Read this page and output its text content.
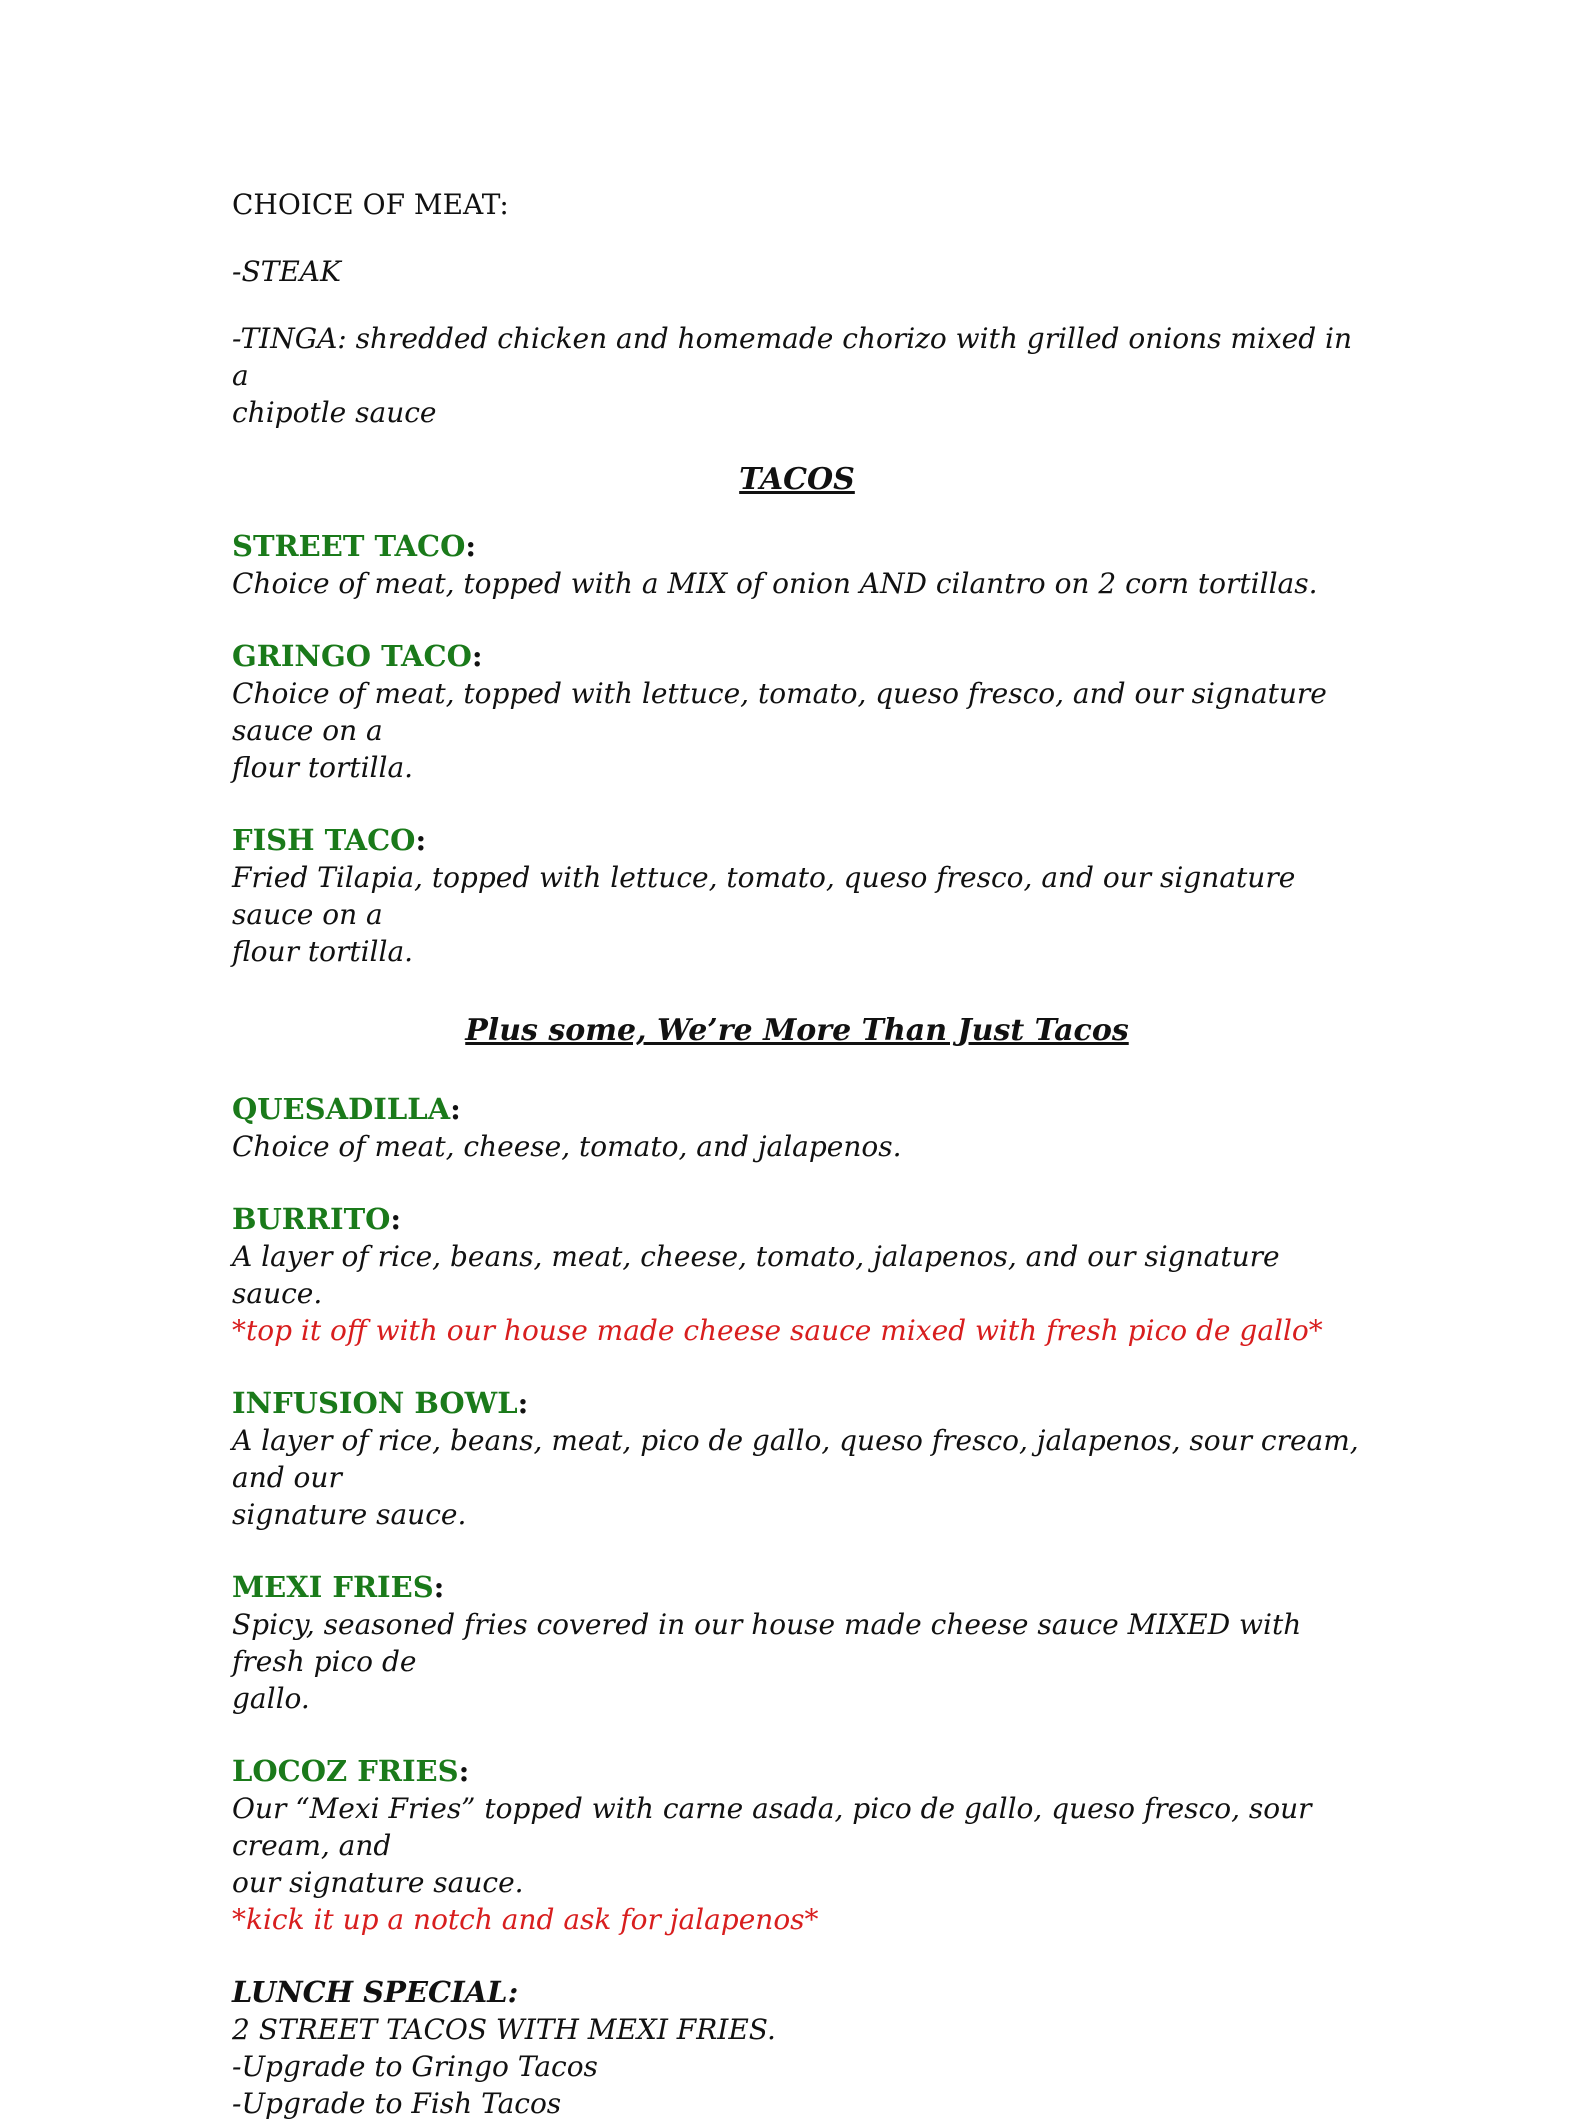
CHOICE OF MEAT:

-STEAK

-TINGA: shredded chicken and homemade chorizo with grilled onions mixed in a

chipotle sauce

TACOS

STREET TACO:

Choice of meat, topped with a MIX of onion AND cilantro on 2 corn tortillas.

GRINGO TACO:

Choice of meat, topped with lettuce, tomato, queso fresco, and our signature sauce on a

flour tortilla.

FISH TACO:

Fried Tilapia, topped with lettuce, tomato, queso fresco, and our signature sauce on a

flour tortilla.

Plus some, We’re More Than Just Tacos

QUESADILLA:

Choice of meat, cheese, tomato, and jalapenos.

BURRITO:

A layer of rice, beans, meat, cheese, tomato, jalapenos, and our signature sauce.

*top it off with our house made cheese sauce mixed with fresh pico de gallo*

INFUSION BOWL:

A layer of rice, beans, meat, pico de gallo, queso fresco, jalapenos, sour cream, and our

signature sauce.

MEXI FRIES:

Spicy, seasoned fries covered in our house made cheese sauce MIXED with fresh pico de

gallo.

LOCOZ FRIES:

Our “Mexi Fries” topped with carne asada, pico de gallo, queso fresco, sour cream, and

our signature sauce.

*kick it up a notch and ask for jalapenos*

LUNCH SPECIAL:

2 STREET TACOS WITH MEXI FRIES.

-Upgrade to Gringo Tacos

-Upgrade to Fish Tacos
